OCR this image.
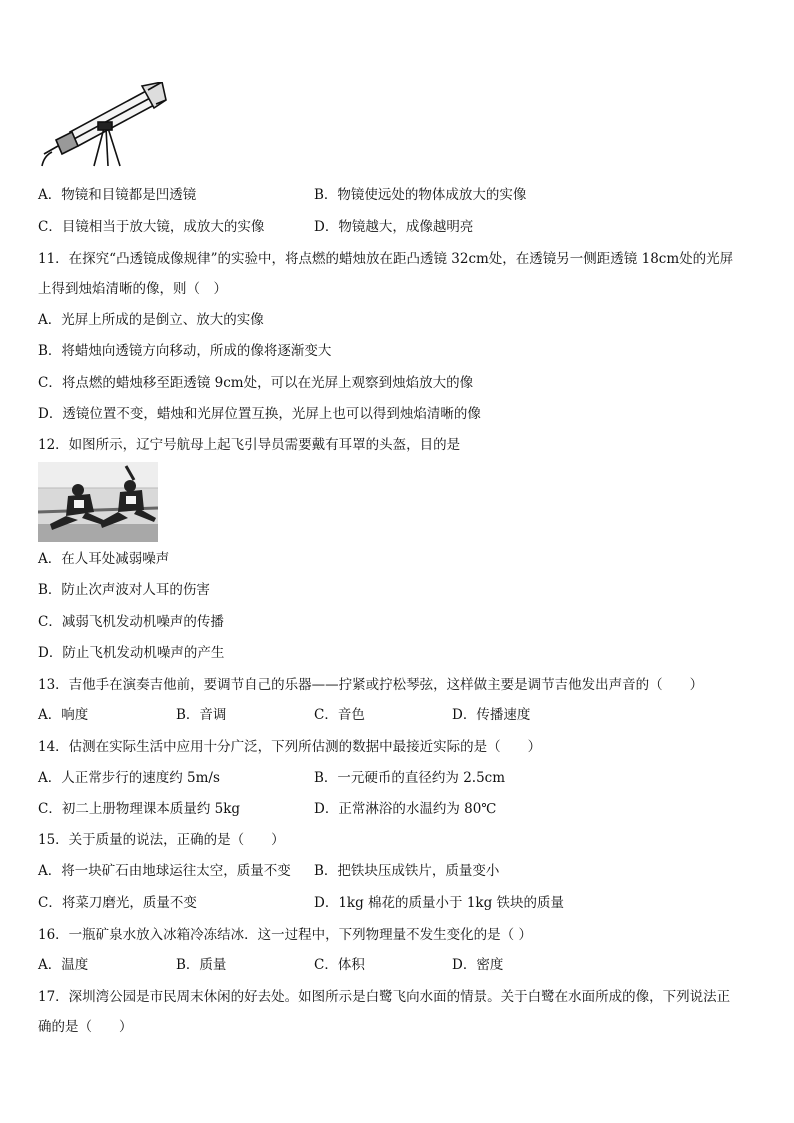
A．物镜和目镜都是凹透镜	B．物镜使远处的物体成放大的实像
C．目镜相当于放大镜，成放大的实像	D．物镜越大，成像越明亮
11．在探究“凸透镜成像规律”的实验中，将点燃的蜡烛放在距凸透镜 32cm处，在透镜另一侧距透镜 18cm处的光屏
上得到烛焰清晰的像，则（　）
A．光屏上所成的是倒立、放大的实像
B．将蜡烛向透镜方向移动，所成的像将逐渐变大
C．将点燃的蜡烛移至距透镜 9cm处，可以在光屏上观察到烛焰放大的像
D．透镜位置不变，蜡烛和光屏位置互换，光屏上也可以得到烛焰清晰的像
12．如图所示，辽宁号航母上起飞引导员需要戴有耳罩的头盔，目的是
A．在人耳处减弱噪声
B．防止次声波对人耳的伤害
C．减弱飞机发动机噪声的传播
D．防止飞机发动机噪声的产生
13．吉他手在演奏吉他前，要调节自己的乐器——拧紧或拧松琴弦，这样做主要是调节吉他发出声音的（　　）
A．响度	B．音调	C．音色	D．传播速度
14．估测在实际生活中应用十分广泛，下列所估测的数据中最接近实际的是（　　）
A．人正常步行的速度约 5m/s	B．一元硬币的直径约为 2.5cm
C．初二上册物理课本质量约 5kg	D．正常淋浴的水温约为 80℃
15．关于质量的说法，正确的是（　　）
A．将一块矿石由地球运往太空，质量不变 B．把铁块压成铁片，质量变小
C．将菜刀磨光，质量不变	D．1kg 棉花的质量小于 1kg 铁块的质量
16．一瓶矿泉水放入冰箱冷冻结冰．这一过程中，下列物理量不发生变化的是（ ）
A．温度	B．质量	C．体积	D．密度
17．深圳湾公园是市民周末休闲的好去处。如图所示是白鹭飞向水面的情景。关于白鹭在水面所成的像，下列说法正
确的是（　　）
